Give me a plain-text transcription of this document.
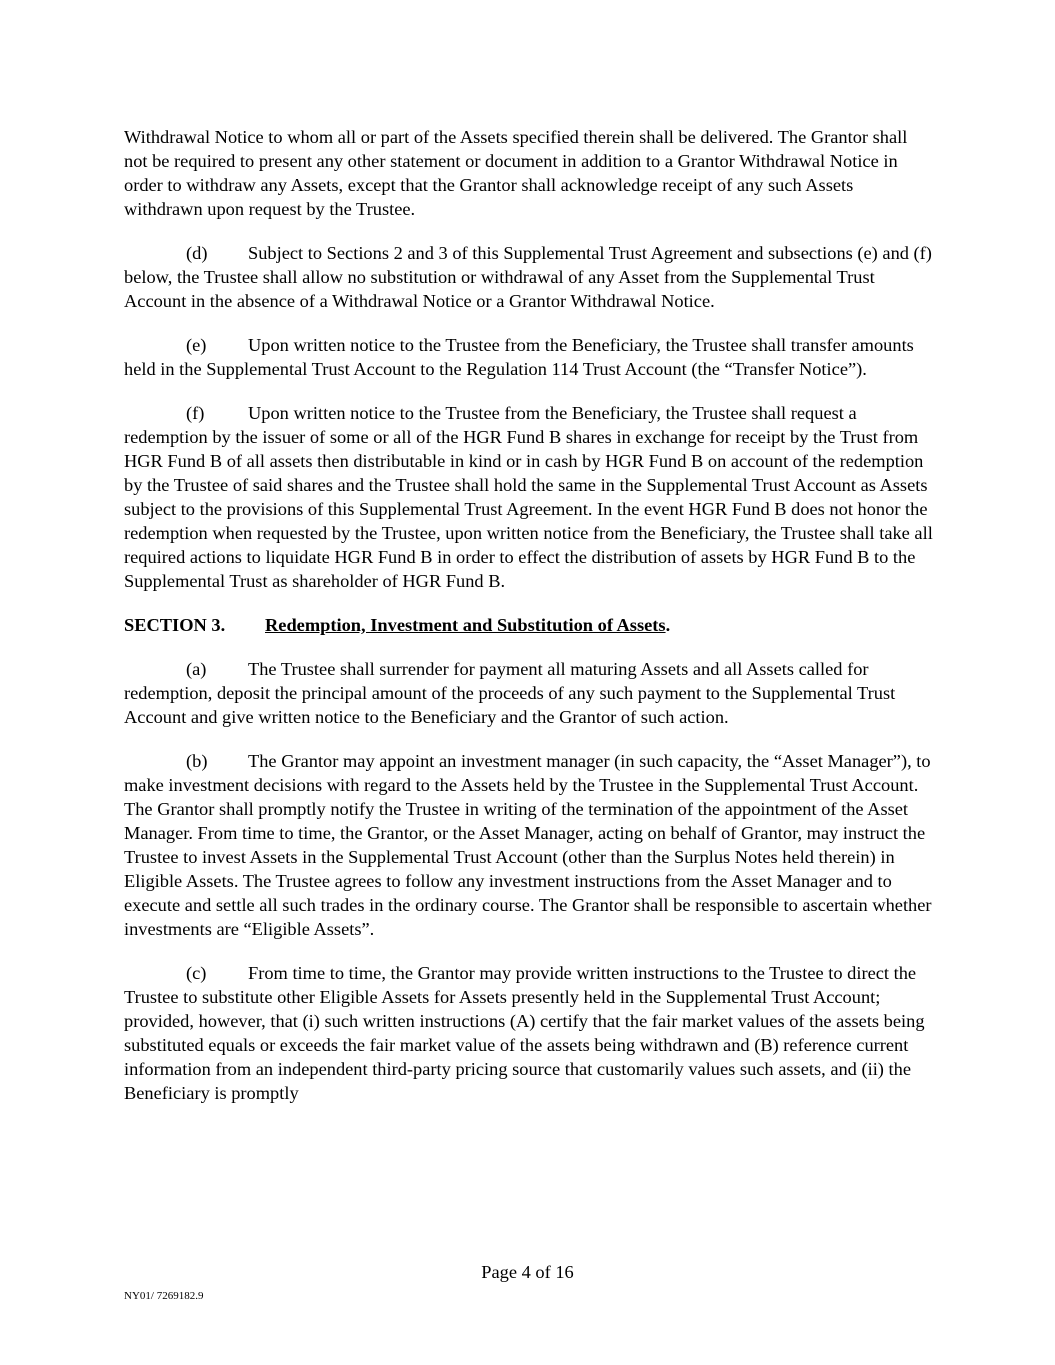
Withdrawal Notice to whom all or part of the Assets specified therein shall be delivered. The Grantor shall not be required to present any other statement or document in addition to a Grantor Withdrawal Notice in order to withdraw any Assets, except that the Grantor shall acknowledge receipt of any such Assets withdrawn upon request by the Trustee.

(d) Subject to Sections 2 and 3 of this Supplemental Trust Agreement and subsections (e) and (f) below, the Trustee shall allow no substitution or withdrawal of any Asset from the Supplemental Trust Account in the absence of a Withdrawal Notice or a Grantor Withdrawal Notice.

(e) Upon written notice to the Trustee from the Beneficiary, the Trustee shall transfer amounts held in the Supplemental Trust Account to the Regulation 114 Trust Account (the “Transfer Notice”).

(f) Upon written notice to the Trustee from the Beneficiary, the Trustee shall request a redemption by the issuer of some or all of the HGR Fund B shares in exchange for receipt by the Trust from HGR Fund B of all assets then distributable in kind or in cash by HGR Fund B on account of the redemption by the Trustee of said shares and the Trustee shall hold the same in the Supplemental Trust Account as Assets subject to the provisions of this Supplemental Trust Agreement. In the event HGR Fund B does not honor the redemption when requested by the Trustee, upon written notice from the Beneficiary, the Trustee shall take all required actions to liquidate HGR Fund B in order to effect the distribution of assets by HGR Fund B to the Supplemental Trust as shareholder of HGR Fund B.

SECTION 3. Redemption, Investment and Substitution of Assets.

(a) The Trustee shall surrender for payment all maturing Assets and all Assets called for redemption, deposit the principal amount of the proceeds of any such payment to the Supplemental Trust Account and give written notice to the Beneficiary and the Grantor of such action.

(b) The Grantor may appoint an investment manager (in such capacity, the “Asset Manager”), to make investment decisions with regard to the Assets held by the Trustee in the Supplemental Trust Account. The Grantor shall promptly notify the Trustee in writing of the termination of the appointment of the Asset Manager. From time to time, the Grantor, or the Asset Manager, acting on behalf of Grantor, may instruct the Trustee to invest Assets in the Supplemental Trust Account (other than the Surplus Notes held therein) in Eligible Assets. The Trustee agrees to follow any investment instructions from the Asset Manager and to execute and settle all such trades in the ordinary course. The Grantor shall be responsible to ascertain whether investments are “Eligible Assets”.

(c) From time to time, the Grantor may provide written instructions to the Trustee to direct the Trustee to substitute other Eligible Assets for Assets presently held in the Supplemental Trust Account; provided, however, that (i) such written instructions (A) certify that the fair market values of the assets being substituted equals or exceeds the fair market value of the assets being withdrawn and (B) reference current information from an independent third-party pricing source that customarily values such assets, and (ii) the Beneficiary is promptly

Page 4 of 16
NY01/ 7269182.9
